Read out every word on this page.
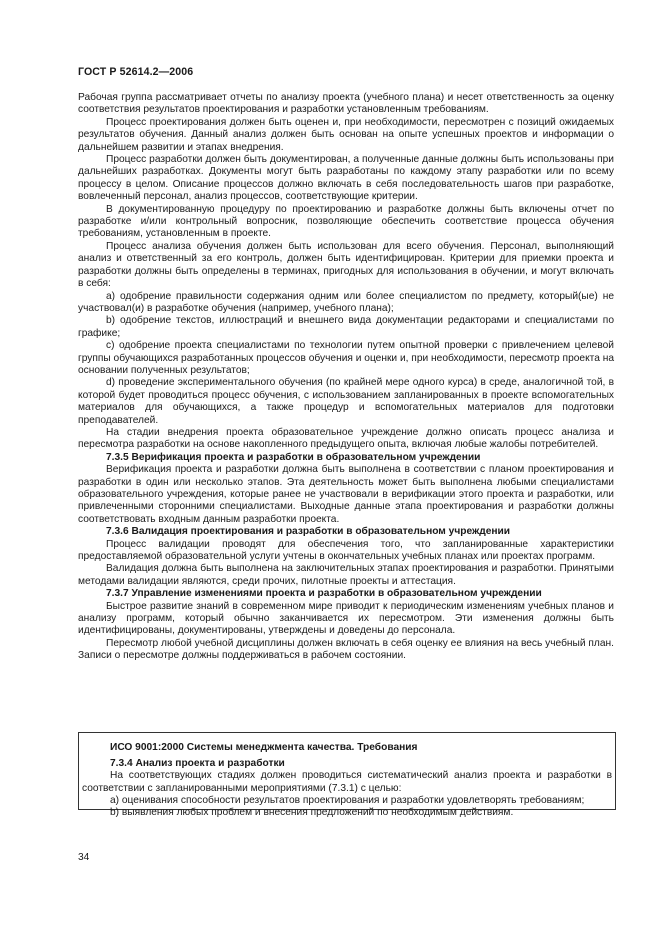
ГОСТ Р 52614.2—2006

Рабочая группа рассматривает отчеты по анализу проекта (учебного плана) и несет ответственность за оценку соответствия результатов проектирования и разработки установленным требованиям.

Процесс проектирования должен быть оценен и, при необходимости, пересмотрен с позиций ожидаемых результатов обучения. Данный анализ должен быть основан на опыте успешных проектов и информации о дальнейшем развитии и этапах внедрения.

Процесс разработки должен быть документирован, а полученные данные должны быть использованы при дальнейших разработках. Документы могут быть разработаны по каждому этапу разработки или по всему процессу в целом. Описание процессов должно включать в себя последовательность шагов при разработке, вовлеченный персонал, анализ процессов, соответствующие критерии.

В документированную процедуру по проектированию и разработке должны быть включены отчет по разработке и/или контрольный вопросник, позволяющие обеспечить соответствие процесса обучения требованиям, установленным в проекте.

Процесс анализа обучения должен быть использован для всего обучения. Персонал, выполняющий анализ и ответственный за его контроль, должен быть идентифицирован. Критерии для приемки проекта и разработки должны быть определены в терминах, пригодных для использования в обучении, и могут включать в себя:

а) одобрение правильности содержания одним или более специалистом по предмету, который(ые) не участвовал(и) в разработке обучения (например, учебного плана);

b) одобрение текстов, иллюстраций и внешнего вида документации редакторами и специалистами по графике;

с) одобрение проекта специалистами по технологии путем опытной проверки с привлечением целевой группы обучающихся разработанных процессов обучения и оценки и, при необходимости, пересмотр проекта на основании полученных результатов;

d) проведение экспериментального обучения (по крайней мере одного курса) в среде, аналогичной той, в которой будет проводиться процесс обучения, с использованием запланированных в проекте вспомогательных материалов для обучающихся, а также процедур и вспомогательных материалов для подготовки преподавателей.

На стадии внедрения проекта образовательное учреждение должно описать процесс анализа и пересмотра разработки на основе накопленного предыдущего опыта, включая любые жалобы потребителей.

7.3.5 Верификация проекта и разработки в образовательном учреждении

Верификация проекта и разработки должна быть выполнена в соответствии с планом проектирования и разработки в один или несколько этапов. Эта деятельность может быть выполнена любыми специалистами образовательного учреждения, которые ранее не участвовали в верификации этого проекта и разработки, или привлеченными сторонними специалистами. Выходные данные этапа проектирования и разработки должны соответствовать входным данным разработки проекта.

7.3.6 Валидация проектирования и разработки в образовательном учреждении

Процесс валидации проводят для обеспечения того, что запланированные характеристики предоставляемой образовательной услуги учтены в окончательных учебных планах или проектах программ.

Валидация должна быть выполнена на заключительных этапах проектирования и разработки. Принятыми методами валидации являются, среди прочих, пилотные проекты и аттестация.

7.3.7 Управление изменениями проекта и разработки в образовательном учреждении

Быстрое развитие знаний в современном мире приводит к периодическим изменениям учебных планов и анализу программ, который обычно заканчивается их пересмотром. Эти изменения должны быть идентифицированы, документированы, утверждены и доведены до персонала.

Пересмотр любой учебной дисциплины должен включать в себя оценку ее влияния на весь учебный план. Записи о пересмотре должны поддерживаться в рабочем состоянии.

ИСО 9001:2000 Системы менеджмента качества. Требования

7.3.4 Анализ проекта и разработки

На соответствующих стадиях должен проводиться систематический анализ проекта и разработки в соответствии с запланированными мероприятиями (7.3.1) с целью:

а) оценивания способности результатов проектирования и разработки удовлетворять требованиям;

b) выявления любых проблем и внесения предложений по необходимым действиям.

34
